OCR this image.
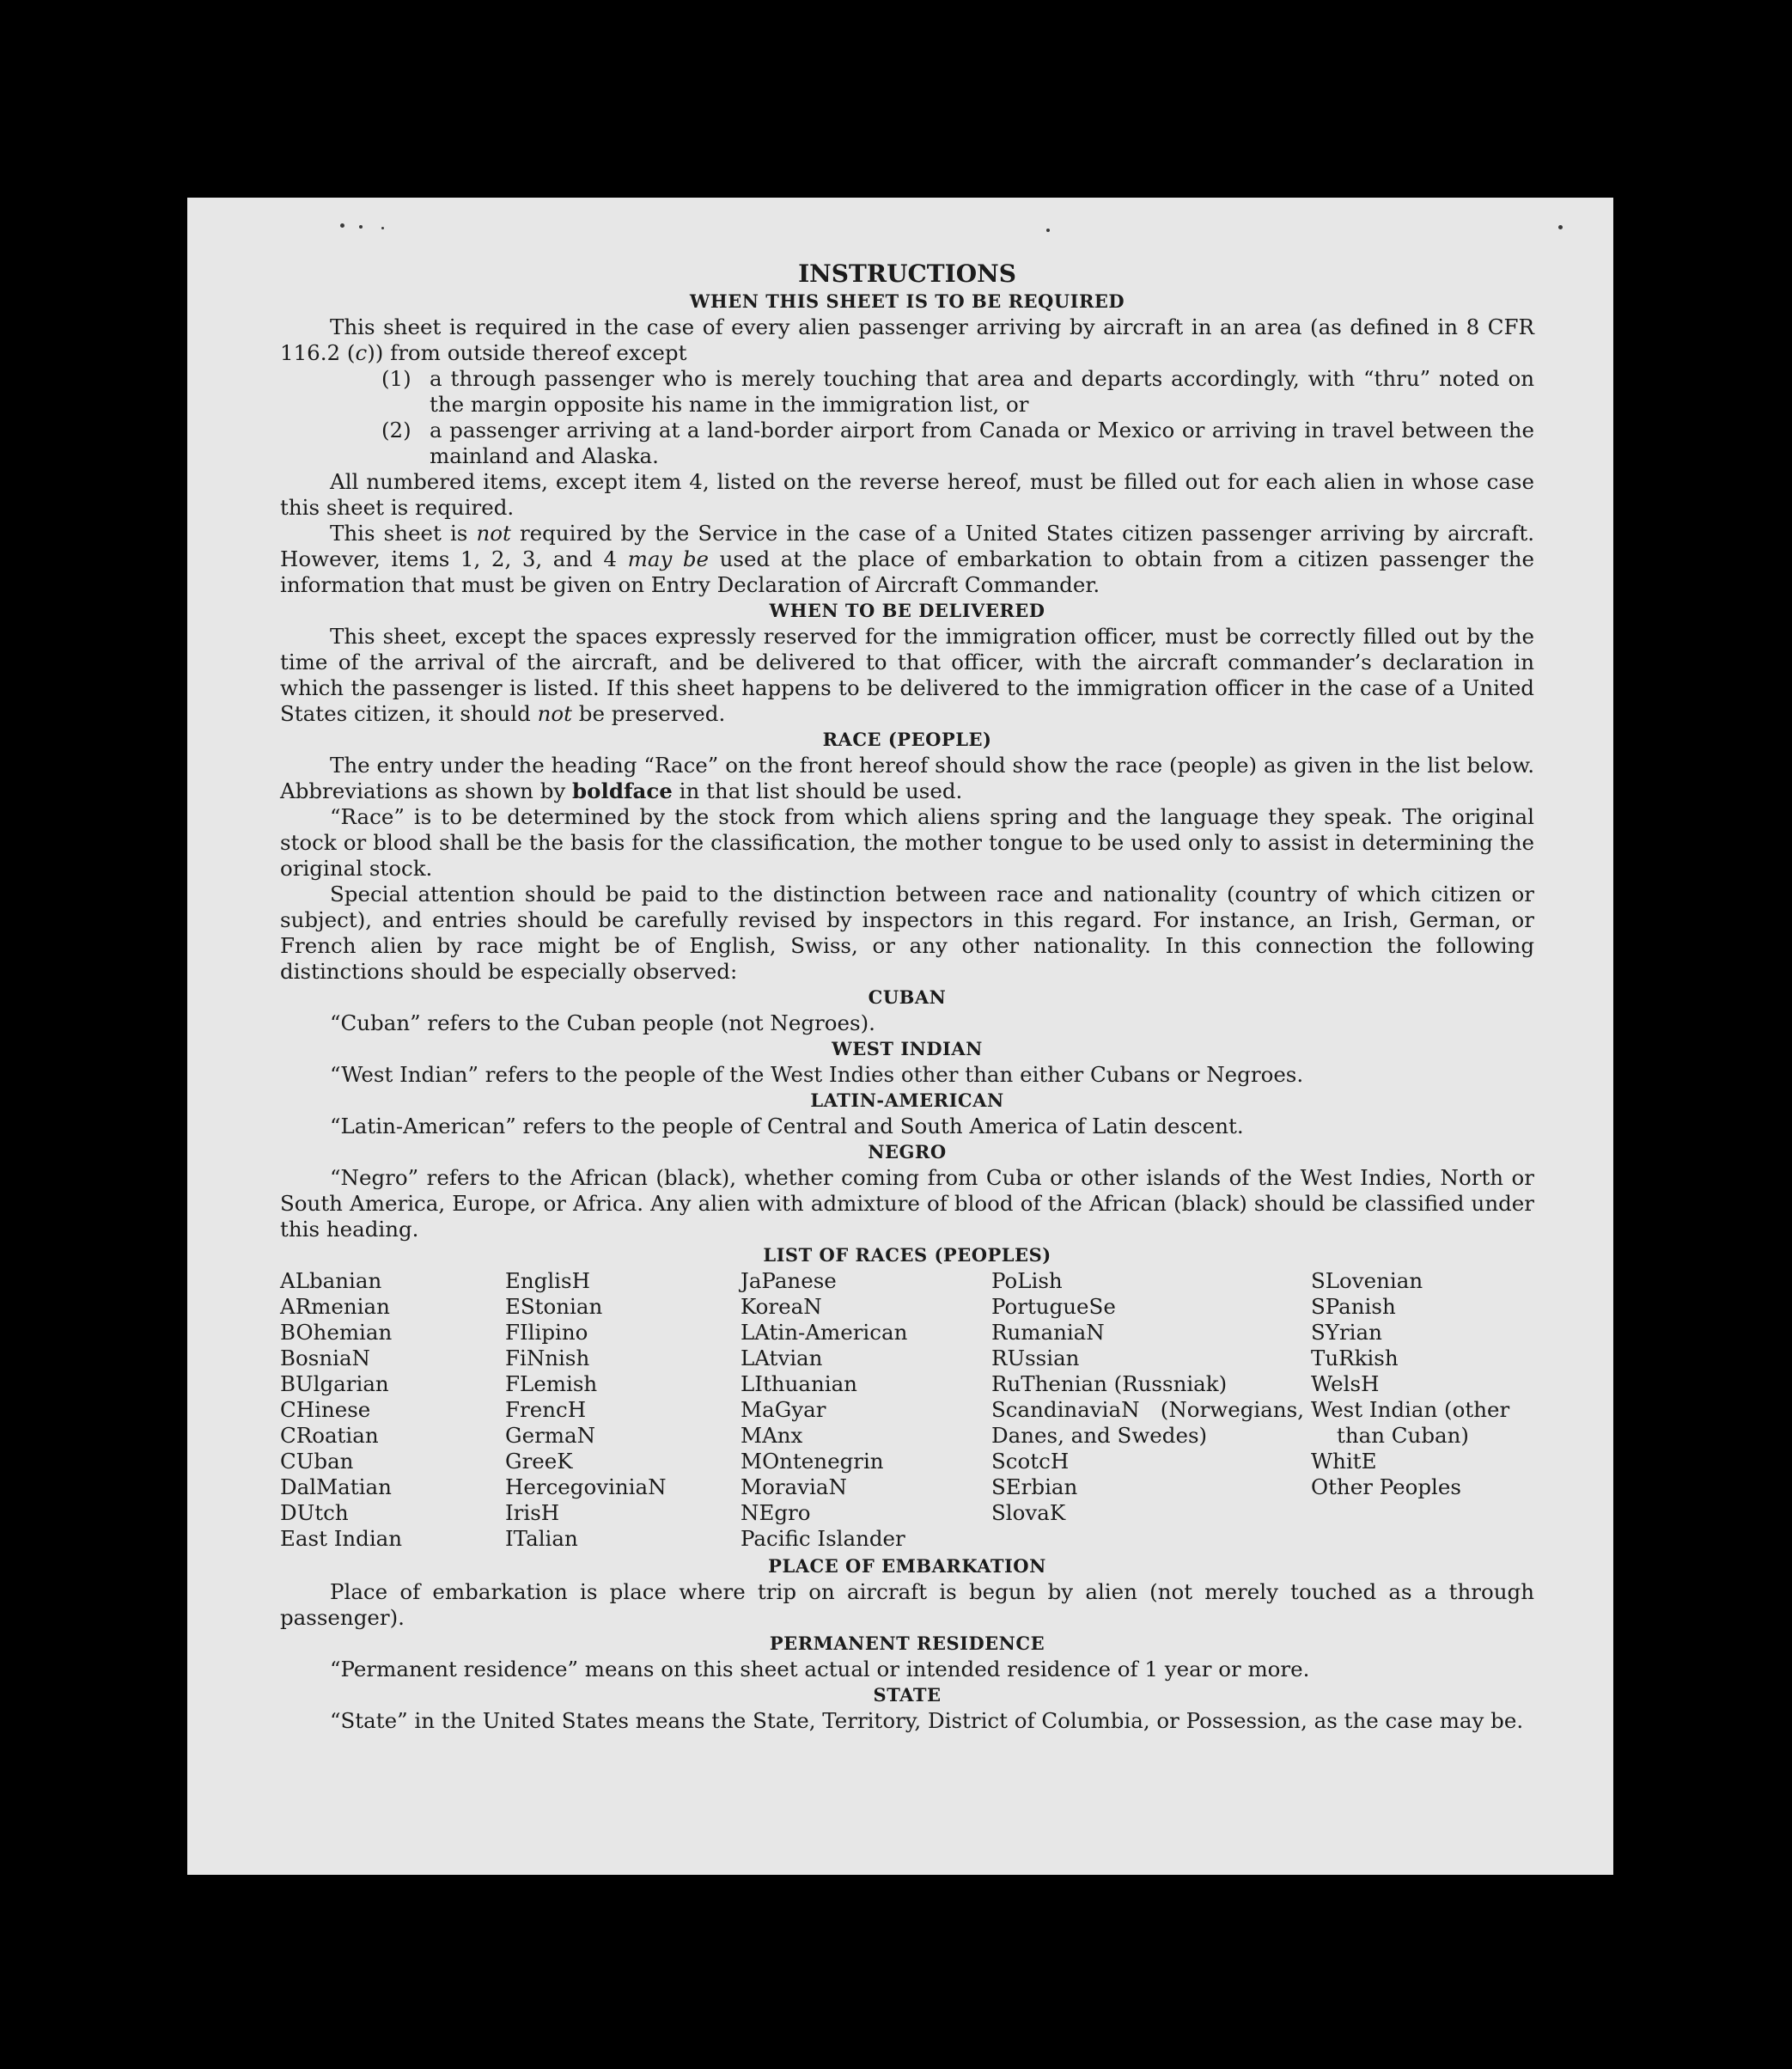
INSTRUCTIONS
WHEN THIS SHEET IS TO BE REQUIRED

This sheet is required in the case of every alien passenger arriving by aircraft in an area (as defined in 8 CFR 116.2 (c)) from outside thereof except

(1) a through passenger who is merely touching that area and departs accordingly, with “thru” noted on the margin opposite his name in the immigration list, or
(2) a passenger arriving at a land-border airport from Canada or Mexico or arriving in travel between the mainland and Alaska.

All numbered items, except item 4, listed on the reverse hereof, must be filled out for each alien in whose case this sheet is required.

This sheet is not required by the Service in the case of a United States citizen passenger arriving by aircraft. However, items 1, 2, 3, and 4 may be used at the place of embarkation to obtain from a citizen passenger the information that must be given on Entry Declaration of Aircraft Commander.

WHEN TO BE DELIVERED

This sheet, except the spaces expressly reserved for the immigration officer, must be correctly filled out by the time of the arrival of the aircraft, and be delivered to that officer, with the aircraft commander’s declaration in which the passenger is listed. If this sheet happens to be delivered to the immigration officer in the case of a United States citizen, it should not be preserved.

RACE (PEOPLE)

The entry under the heading “Race” on the front hereof should show the race (people) as given in the list below. Abbreviations as shown by boldface in that list should be used.

“Race” is to be determined by the stock from which aliens spring and the language they speak. The original stock or blood shall be the basis for the classification, the mother tongue to be used only to assist in determining the original stock.

Special attention should be paid to the distinction between race and nationality (country of which citizen or subject), and entries should be carefully revised by inspectors in this regard. For instance, an Irish, German, or French alien by race might be of English, Swiss, or any other nationality. In this connection the following distinctions should be especially observed:

CUBAN

“Cuban” refers to the Cuban people (not Negroes).

WEST INDIAN

“West Indian” refers to the people of the West Indies other than either Cubans or Negroes.

LATIN-AMERICAN

“Latin-American” refers to the people of Central and South America of Latin descent.

NEGRO

“Negro” refers to the African (black), whether coming from Cuba or other islands of the West Indies, North or South America, Europe, or Africa. Any alien with admixture of blood of the African (black) should be classified under this heading.

LIST OF RACES (PEOPLES)
ALbanian
ARmenian
BOhemian
BosniaN
BUlgarian
CHinese
CRoatian
CUban
DalMatian
DUtch
East Indian
EnglisH
EStonian
FIlipino
FiNnish
FLemish
FrencH
GermaN
GreeK
HercegoviniaN
IrisH
ITalian
JaPanese
KoreaN
LAtin-American
LAtvian
LIthuanian
MaGyar
MAnx
MOntenegrin
MoraviaN
NEgro
Pacific Islander
PoLish
PortugueSe
RumaniaN
RUssian
RuThenian (Russniak)
ScandinaviaN (Norwegians, Danes, and Swedes)
ScotcH
SErbian
SlovaK
SLovenian
SPanish
SYrian
TuRkish
WelsH
West Indian (other
than Cuban)
WhitE
Other Peoples
PLACE OF EMBARKATION

Place of embarkation is place where trip on aircraft is begun by alien (not merely touched as a through passenger).

PERMANENT RESIDENCE

“Permanent residence” means on this sheet actual or intended residence of 1 year or more.

STATE

“State” in the United States means the State, Territory, District of Columbia, or Possession, as the case may be.
